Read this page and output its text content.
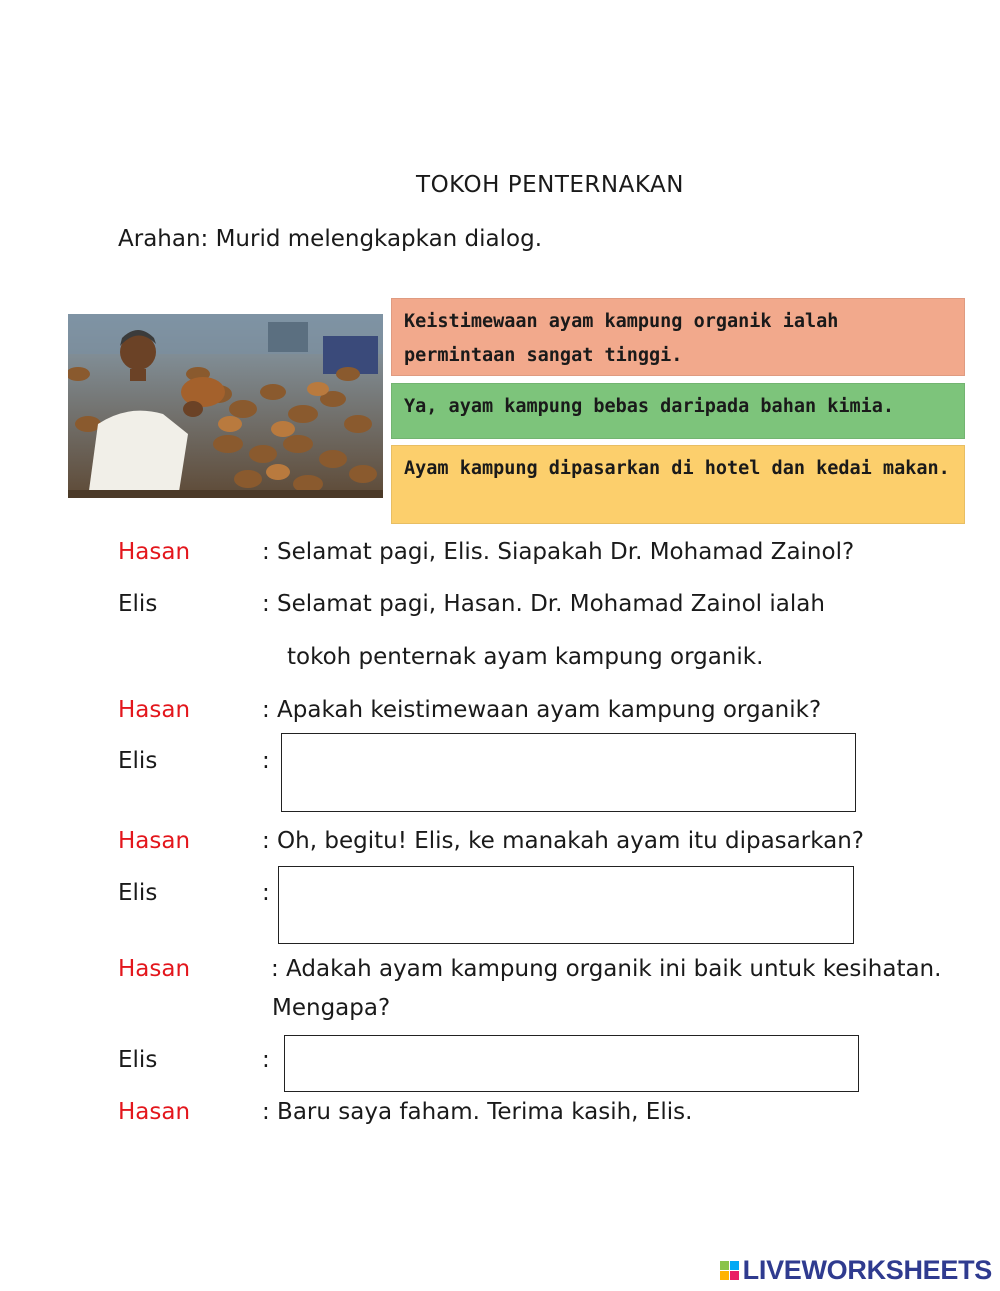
TOKOH PENTERNAKAN
Arahan: Murid melengkapkan dialog.
Keistimewaan ayam kampung organik ialah permintaan sangat tinggi.
Ya, ayam kampung bebas daripada bahan kimia.
Ayam kampung dipasarkan di hotel dan kedai makan.
Hasan	: Selamat pagi, Elis. Siapakah Dr. Mohamad Zainol?
Elis	: Selamat pagi, Hasan. Dr. Mohamad Zainol ialah
tokoh penternak ayam kampung organik.
Hasan	: Apakah keistimewaan ayam kampung organik?
Elis	:
Hasan	: Oh, begitu! Elis, ke manakah ayam itu dipasarkan?
Elis	:
Hasan	: Adakah ayam kampung organik ini baik untuk kesihatan.
Mengapa?
Elis	:
Hasan	: Baru saya faham. Terima kasih, Elis.
LIVEWORKSHEETS
